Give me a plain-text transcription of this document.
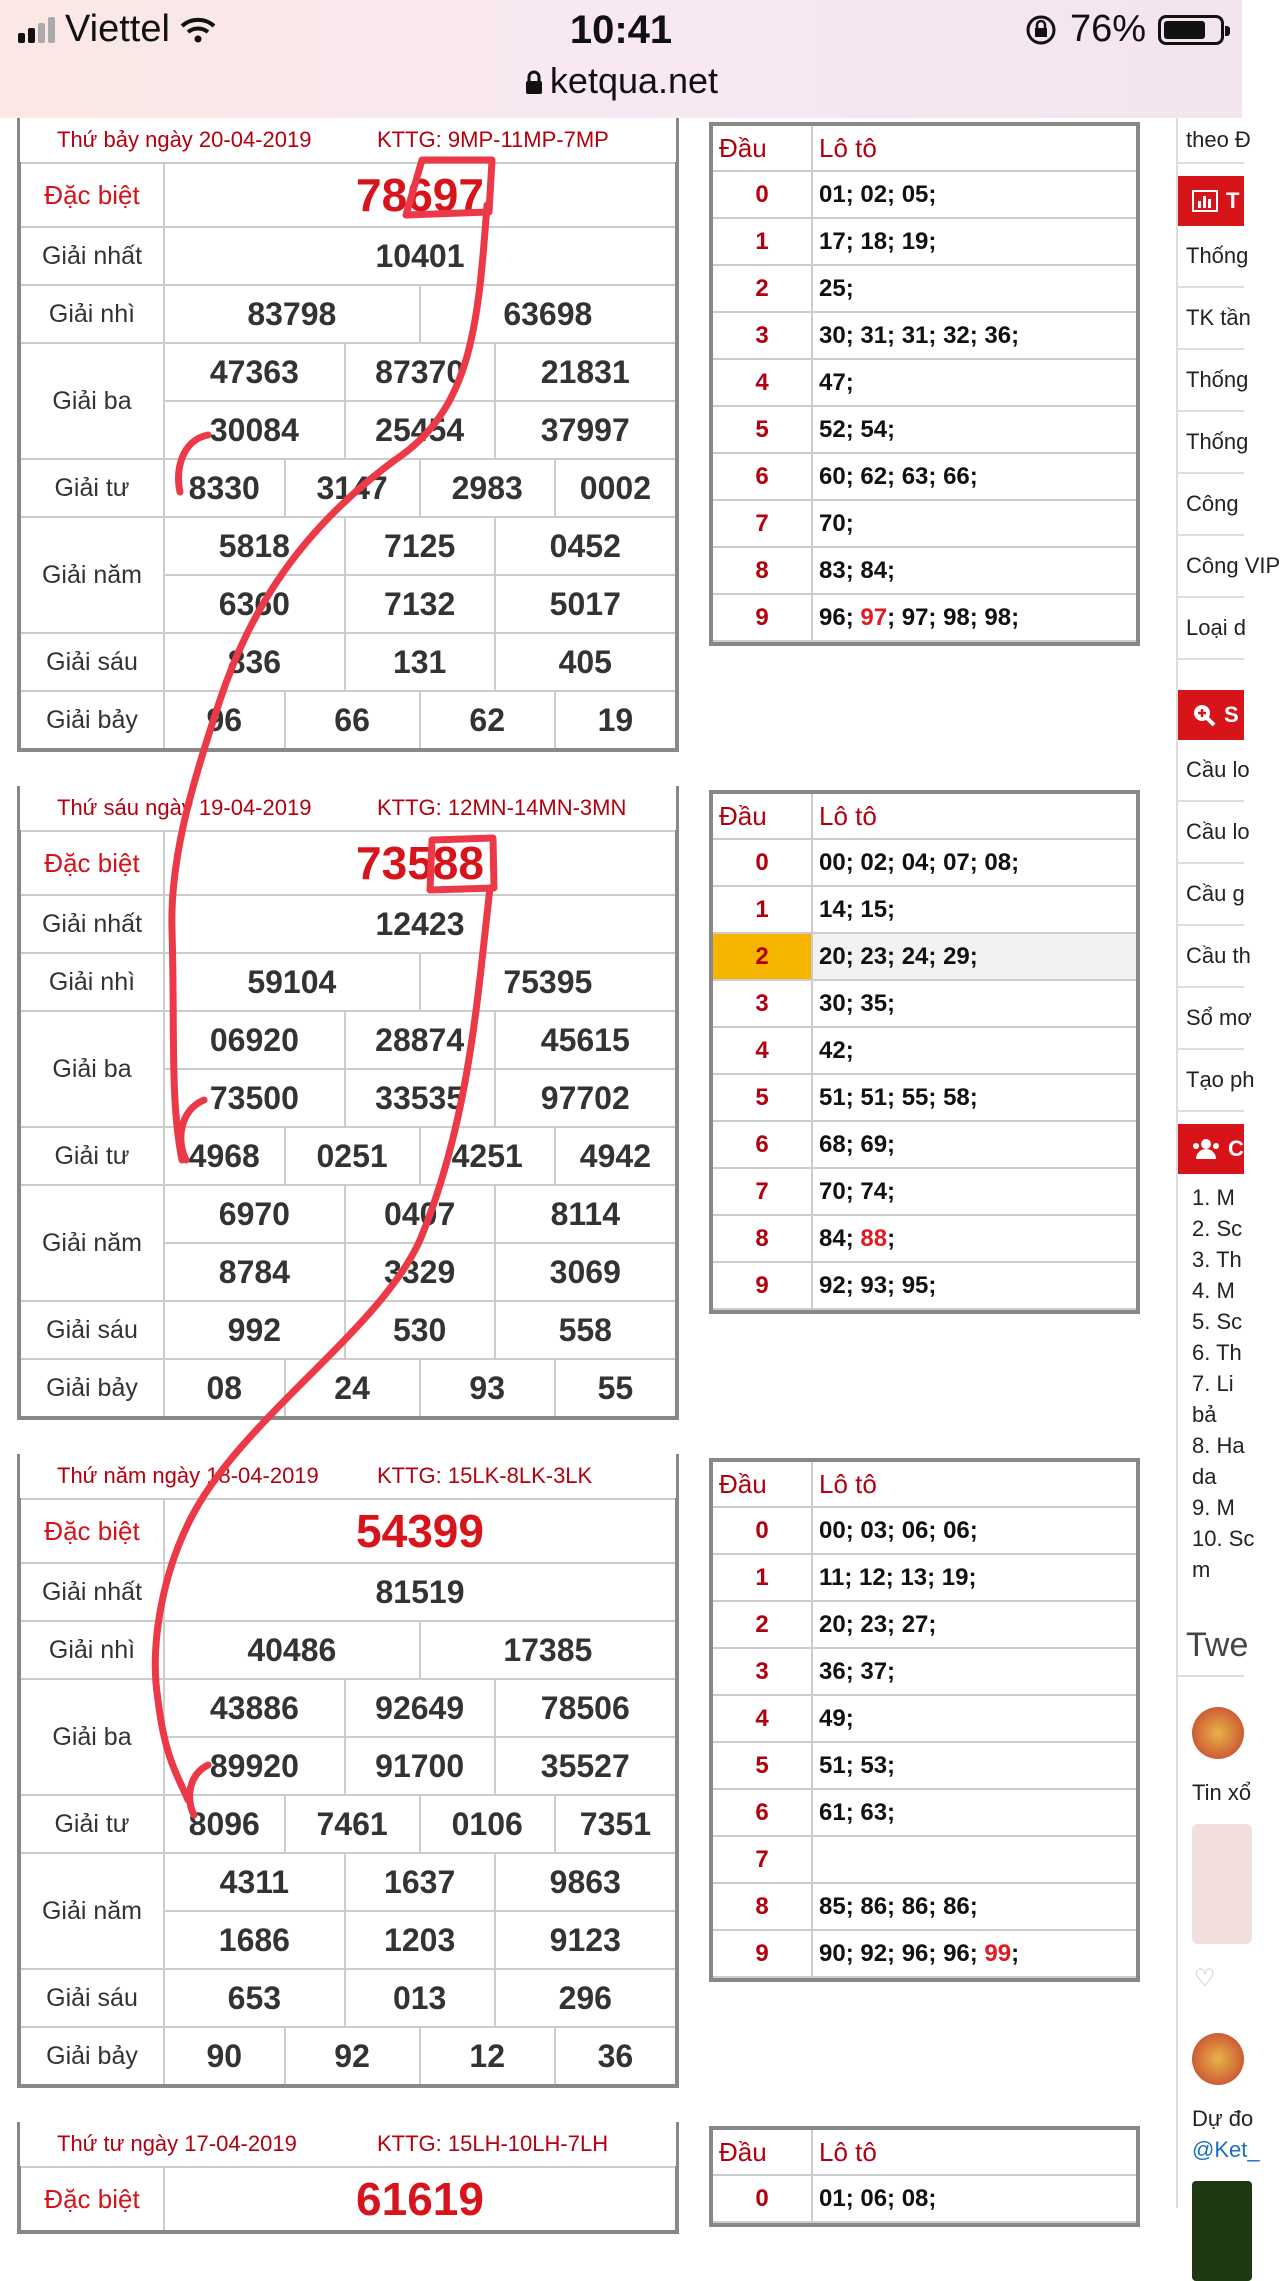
Viettel	10:41
ketqua.net
76%
Thứ bảy ngày 20-04-2019	KTTG: 9MP-11MP-7MP
Đặc biệt	78697					
Giải nhất	10401					
Giải nhì	83798			63698		
Giải ba	47363		87370		21831	
	30084		25454		37997	
Giải tư	8330	3147		2983		0002
Giải năm	5818		7125		0452	
	6360		7132		5017	
Giải sáu	836		131		405	
Giải bảy	96	66		62		19
Đầu	Lô tô
0	01; 02; 05;
1	17; 18; 19;
2	25;
3	30; 31; 31; 32; 36;
4	47;
5	52; 54;
6	60; 62; 63; 66;
7	70;
8	83; 84;
9	96; 97; 97; 98; 98;
Thứ sáu ngày 19-04-2019	KTTG: 12MN-14MN-3MN
Đặc biệt	73588					
Giải nhất	12423					
Giải nhì	59104			75395		
Giải ba	06920		28874		45615	
	73500		33535		97702	
Giải tư	4968	0251		4251		4942
Giải năm	6970		0407		8114	
	8784		3329		3069	
Giải sáu	992		530		558	
Giải bảy	08	24		93		55
Đầu	Lô tô
0	00; 02; 04; 07; 08;
1	14; 15;
2	20; 23; 24; 29;
3	30; 35;
4	42;
5	51; 51; 55; 58;
6	68; 69;
7	70; 74;
8	84; 88;
9	92; 93; 95;
Thứ năm ngày 18-04-2019	KTTG: 15LK-8LK-3LK
Đặc biệt	54399					
Giải nhất	81519					
Giải nhì	40486			17385		
Giải ba	43886		92649		78506	
	89920		91700		35527	
Giải tư	8096	7461		0106		7351
Giải năm	4311		1637		9863	
	1686		1203		9123	
Giải sáu	653		013		296	
Giải bảy	90	92		12		36
Đầu	Lô tô
0	00; 03; 06; 06;
1	11; 12; 13; 19;
2	20; 23; 27;
3	36; 37;
4	49;
5	51; 53;
6	61; 63;
7	
8	85; 86; 86; 86;
9	90; 92; 96; 96; 99;
Thứ tư ngày 17-04-2019	KTTG: 15LH-10LH-7LH
Đặc biệt	61619
Đầu	Lô tô
0	01; 06; 08;
theo Đ
T
Thống
TK tần
Thống
Thống
Công
Công VIP
Loại d
S
Cầu lo
Cầu lo
Cầu g
Cầu th
Sổ mơ
Tạo ph
C
1. M
2. Sc
3. Th
4. M
5. Sc
6. Th
7. Li
bả
8. Ha
da
9. M
10. Sc
m
Twe
Tin xổ
♡
Dự đo
@Ket_
